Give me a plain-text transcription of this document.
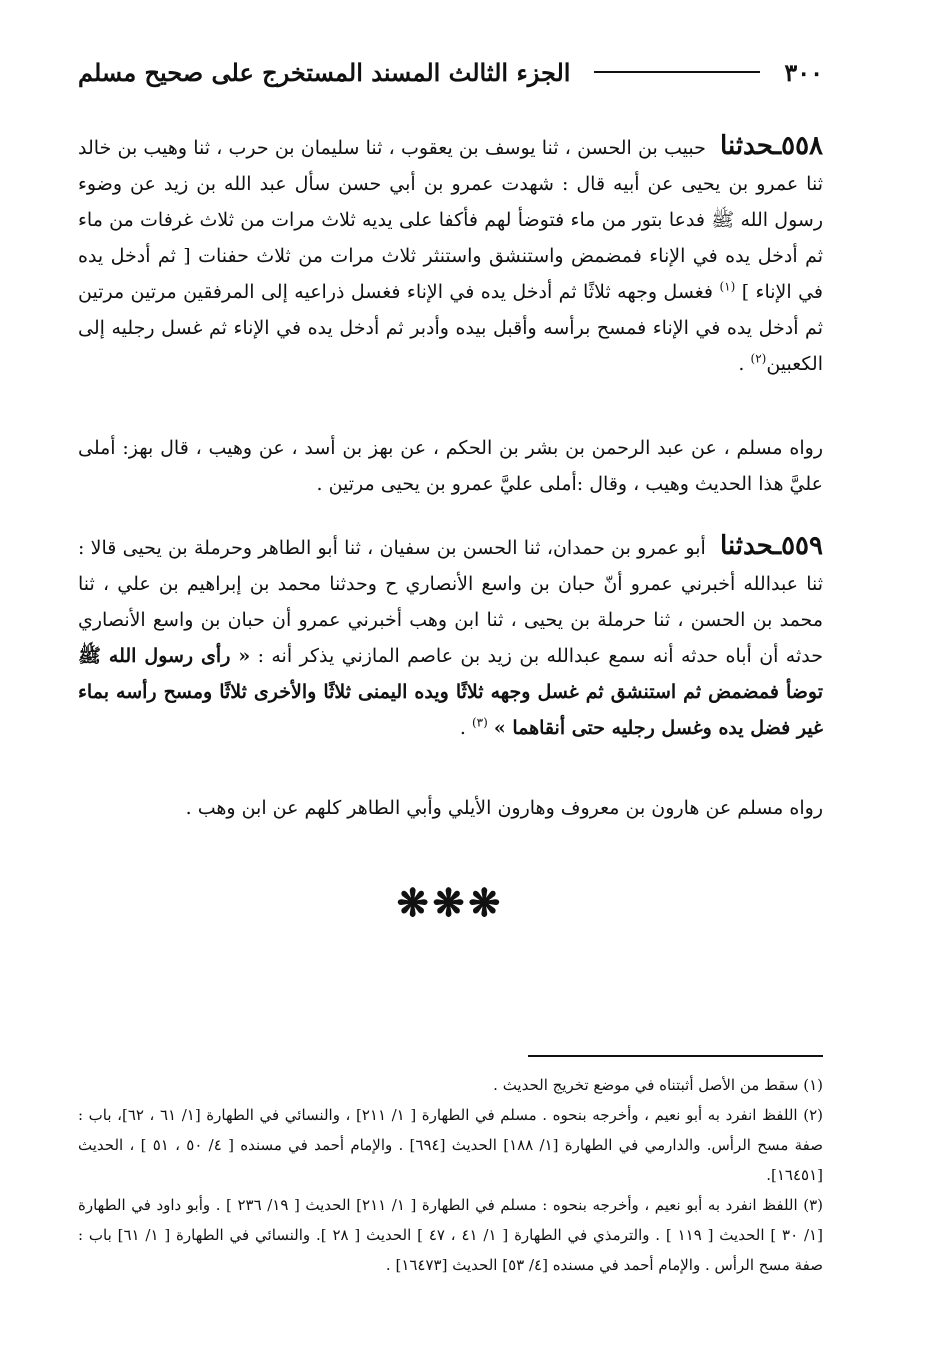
٣٠٠
الجزء الثالث المسند المستخرج على صحيح مسلم

٥٥٨ـحدثنا حبيب بن الحسن ، ثنا يوسف بن يعقوب ، ثنا سليمان بن حرب ، ثنا وهيب بن خالد ثنا عمرو بن يحيى عن أبيه قال : شهدت عمرو بن أبي حسن سأل عبد الله بن زيد عن وضوء رسول الله ﷺ فدعا بتور من ماء فتوضأ لهم فأكفا على يديه ثلاث مرات من ثلاث غرفات من ماء ثم أدخل يده في الإناء فمضمض واستنشق واستنثر ثلاث مرات من ثلاث حفنات [ ثم أدخل يده في الإناء ] $^{(١)}$ فغسل وجهه ثلاثًا ثم أدخل يده في الإناء فغسل ذراعيه إلى المرفقين مرتين مرتين ثم أدخل يده في الإناء فمسح برأسه وأقبل بيده وأدبر ثم أدخل يده في الإناء ثم غسل رجليه إلى الكعبين$^{(٢)}$ .

رواه مسلم ، عن عبد الرحمن بن بشر بن الحكم ، عن بهز بن أسد ، عن وهيب ، قال بهز: أملى عليَّ هذا الحديث وهيب ، وقال :أملى عليَّ عمرو بن يحيى مرتين .

٥٥٩ـحدثنا أبو عمرو بن حمدان، ثنا الحسن بن سفيان ، ثنا أبو الطاهر وحرملة بن يحيى قالا : ثنا عبدالله أخبرني عمرو أنّ حبان بن واسع الأنصاري ح وحدثنا محمد بن إبراهيم بن علي ، ثنا محمد بن الحسن ، ثنا حرملة بن يحيى ، ثنا ابن وهب أخبرني عمرو أن حبان بن واسع الأنصاري حدثه أن أباه حدثه أنه سمع عبدالله بن زيد بن عاصم المازني يذكر أنه : « رأى رسول الله ﷺ توضأ فمضمض ثم استنشق ثم غسل وجهه ثلاثًا ويده اليمنى ثلاثًا والأخرى ثلاثًا ومسح رأسه بماء غير فضل يده وغسل رجليه حتى أنقاهما » $^{(٣)}$ .

رواه مسلم عن هارون بن معروف وهارون الأيلي وأبي الطاهر كلهم عن ابن وهب .

❋❋❋

(١) سقط من الأصل أثبتناه في موضع تخريج الحديث .

(٢) اللفظ انفرد به أبو نعيم ، وأخرجه بنحوه . مسلم في الطهارة [ ١/ ٢١١] ، والنسائي في الطهارة [١/ ٦١ ، ٦٢]، باب : صفة مسح الرأس. والدارمي في الطهارة [١/ ١٨٨] الحديث [٦٩٤] . والإمام أحمد في مسنده [ ٤/ ٥٠ ، ٥١ ] ، الحديث [١٦٤٥١].

(٣) اللفظ انفرد به أبو نعيم ، وأخرجه بنحوه : مسلم في الطهارة [ ١/ ٢١١] الحديث [ ١٩/ ٢٣٦ ] . وأبو داود في الطهارة [١/ ٣٠ ] الحديث [ ١١٩ ] . والترمذي في الطهارة [ ١/ ٤١ ، ٤٧ ] الحديث [ ٢٨ ]. والنسائي في الطهارة [ ١/ ٦١] باب : صفة مسح الرأس . والإمام أحمد في مسنده [٤/ ٥٣] الحديث [١٦٤٧٣] .
